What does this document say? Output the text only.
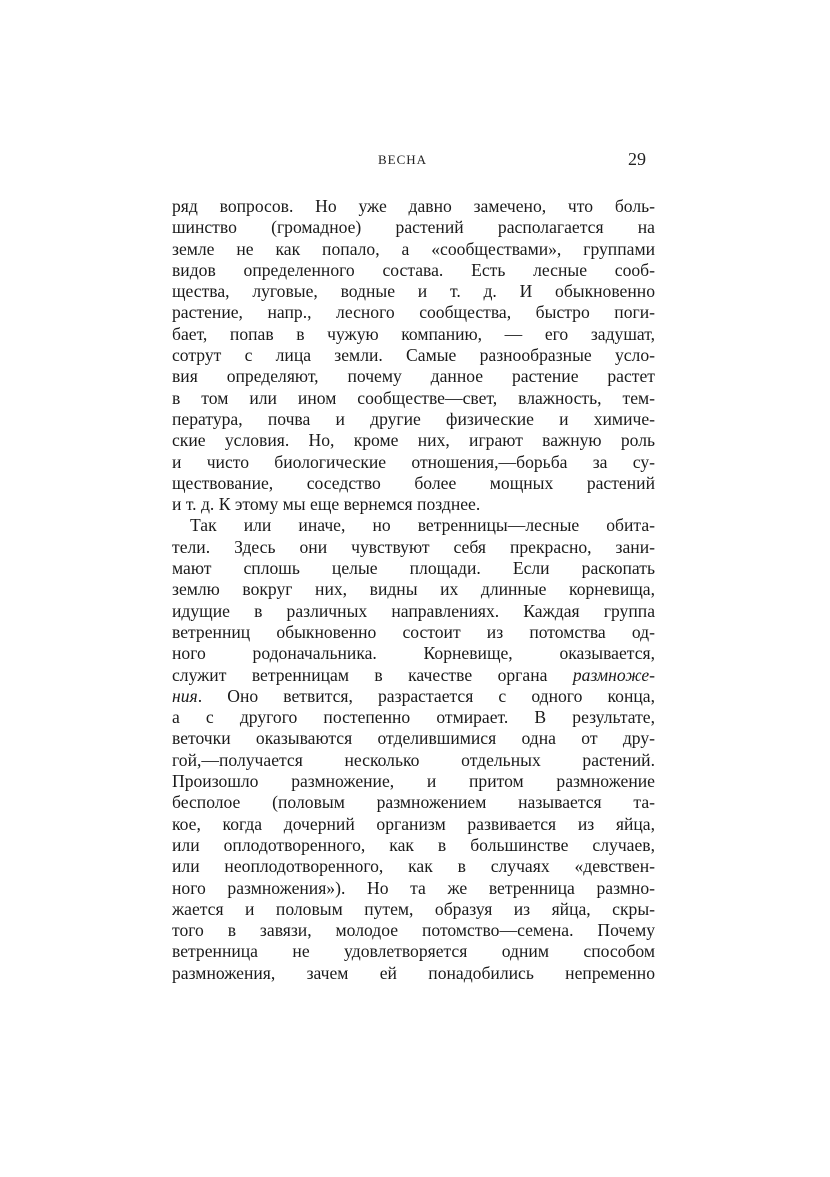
ВЕСНА	29
ряд вопросов. Но уже давно замечено, что боль-
шинство (громадное) растений располагается на
земле не как попало, а «сообществами», группами
видов определенного состава. Есть лесные сооб-
щества, луговые, водные и т. д. И обыкновенно
растение, напр., лесного сообщества, быстро поги-
бает, попав в чужую компанию, — его задушат,
сотрут с лица земли. Самые разнообразные усло-
вия определяют, почему данное растение растет
в том или ином сообществе—свет, влажность, тем-
пература, почва и другие физические и химиче-
ские условия. Но, кроме них, играют важную роль
и чисто биологические отношения,—борьба за су-
ществование, соседство более мощных растений
и т. д. К этому мы еще вернемся позднее.
Так или иначе, но ветренницы—лесные обита-
тели. Здесь они чувствуют себя прекрасно, зани-
мают сплошь целые площади. Если раскопать
землю вокруг них, видны их длинные корневища,
идущие в различных направлениях. Каждая группа
ветренниц обыкновенно состоит из потомства од-
ного родоначальника. Корневище, оказывается,
служит ветренницам в качестве органа размноже-
ния. Оно ветвится, разрастается с одного конца,
а с другого постепенно отмирает. В результате,
веточки оказываются отделившимися одна от дру-
гой,—получается несколько отдельных растений.
Произошло размножение, и притом размножение
бесполое (половым размножением называется та-
кое, когда дочерний организм развивается из яйца,
или оплодотворенного, как в большинстве случаев,
или неоплодотворенного, как в случаях «девствен-
ного размножения»). Но та же ветренница размно-
жается и половым путем, образуя из яйца, скры-
того в завязи, молодое потомство—семена. Почему
ветренница не удовлетворяется одним способом
размножения, зачем ей понадобились непременно
